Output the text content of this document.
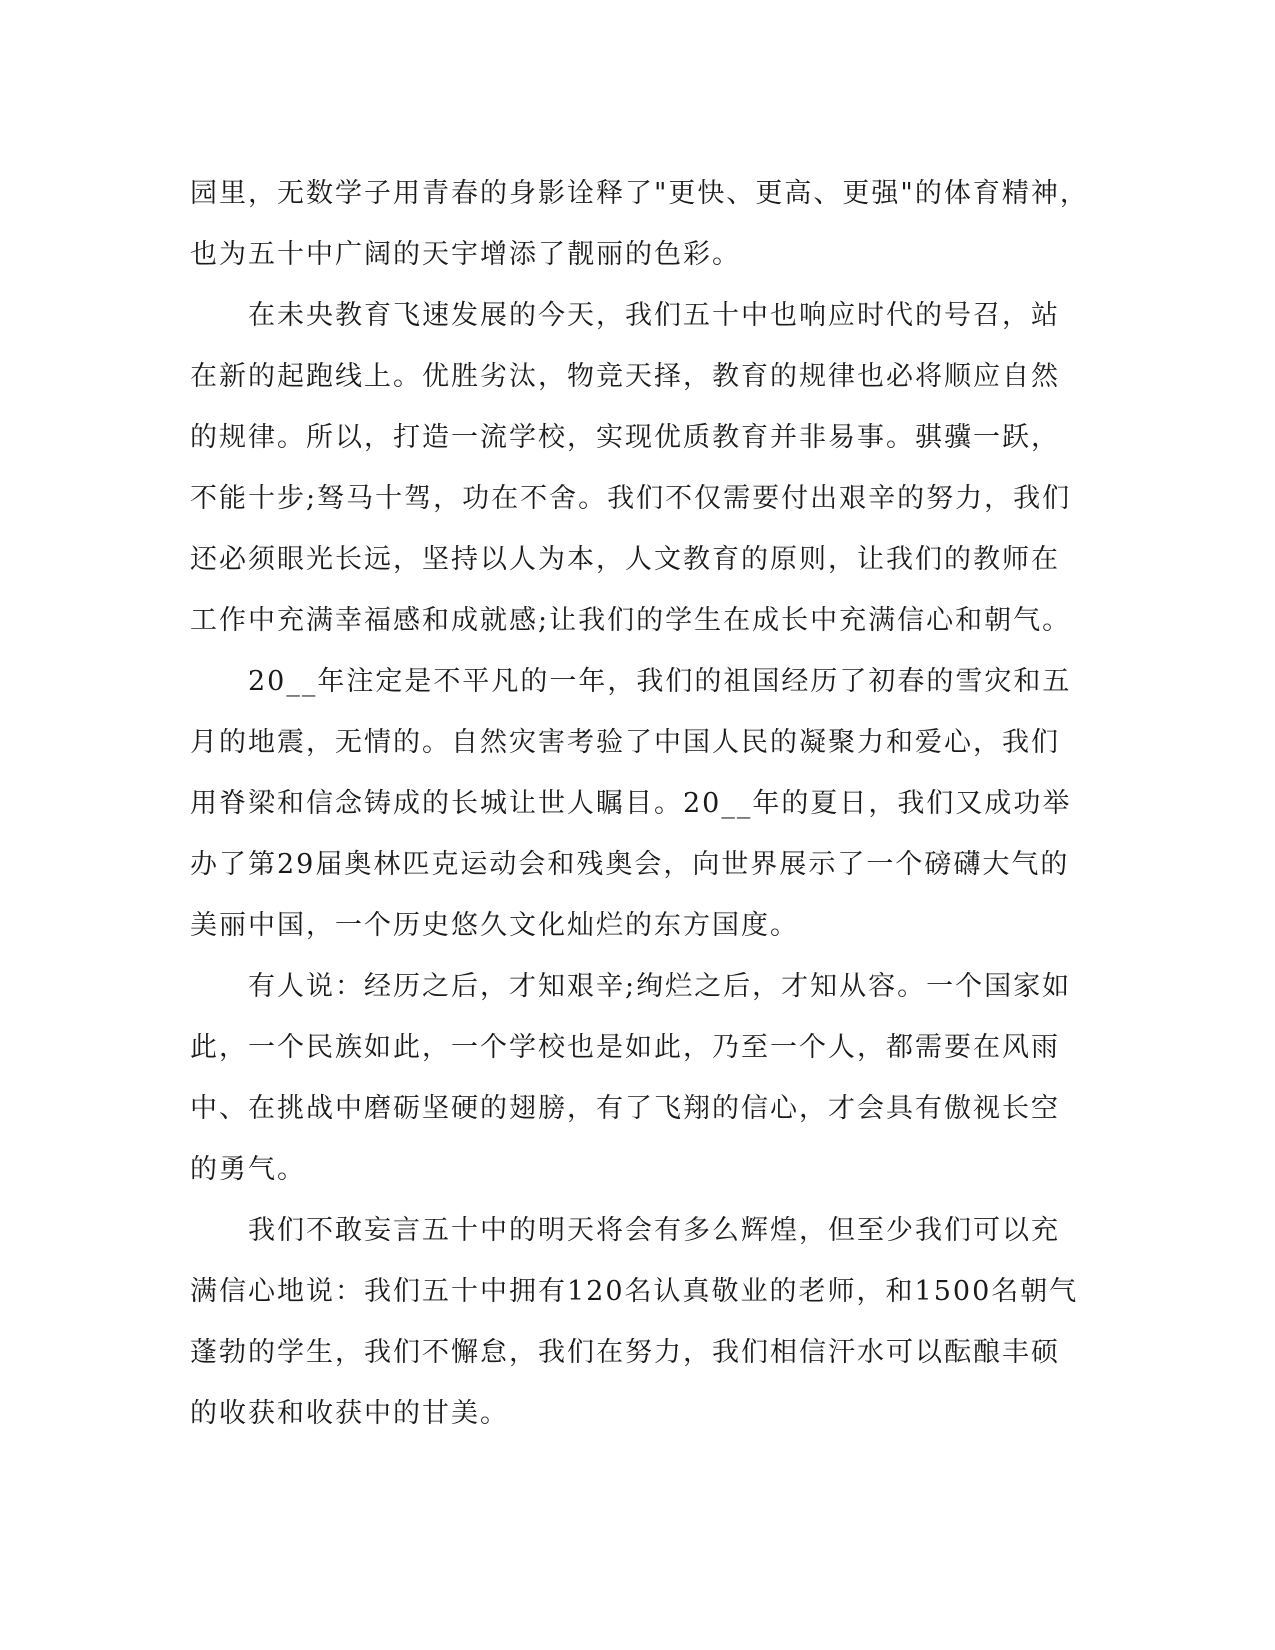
园里，无数学子用青春的身影诠释了"更快、更高、更强"的体育精神，
也为五十中广阔的天宇增添了靓丽的色彩。
　　在未央教育飞速发展的今天，我们五十中也响应时代的号召，站
在新的起跑线上。优胜劣汰，物竞天择，教育的规律也必将顺应自然
的规律。所以，打造一流学校，实现优质教育并非易事。骐骥一跃，
不能十步;驽马十驾，功在不舍。我们不仅需要付出艰辛的努力，我们
还必须眼光长远，坚持以人为本，人文教育的原则，让我们的教师在
工作中充满幸福感和成就感;让我们的学生在成长中充满信心和朝气。
　　20__年注定是不平凡的一年，我们的祖国经历了初春的雪灾和五
月的地震，无情的。自然灾害考验了中国人民的凝聚力和爱心，我们
用脊梁和信念铸成的长城让世人瞩目。20__年的夏日，我们又成功举
办了第29届奥林匹克运动会和残奥会，向世界展示了一个磅礴大气的
美丽中国，一个历史悠久文化灿烂的东方国度。
　　有人说：经历之后，才知艰辛;绚烂之后，才知从容。一个国家如
此，一个民族如此，一个学校也是如此，乃至一个人，都需要在风雨
中、在挑战中磨砺坚硬的翅膀，有了飞翔的信心，才会具有傲视长空
的勇气。
　　我们不敢妄言五十中的明天将会有多么辉煌，但至少我们可以充
满信心地说：我们五十中拥有120名认真敬业的老师，和1500名朝气
蓬勃的学生，我们不懈怠，我们在努力，我们相信汗水可以酝酿丰硕
的收获和收获中的甘美。
